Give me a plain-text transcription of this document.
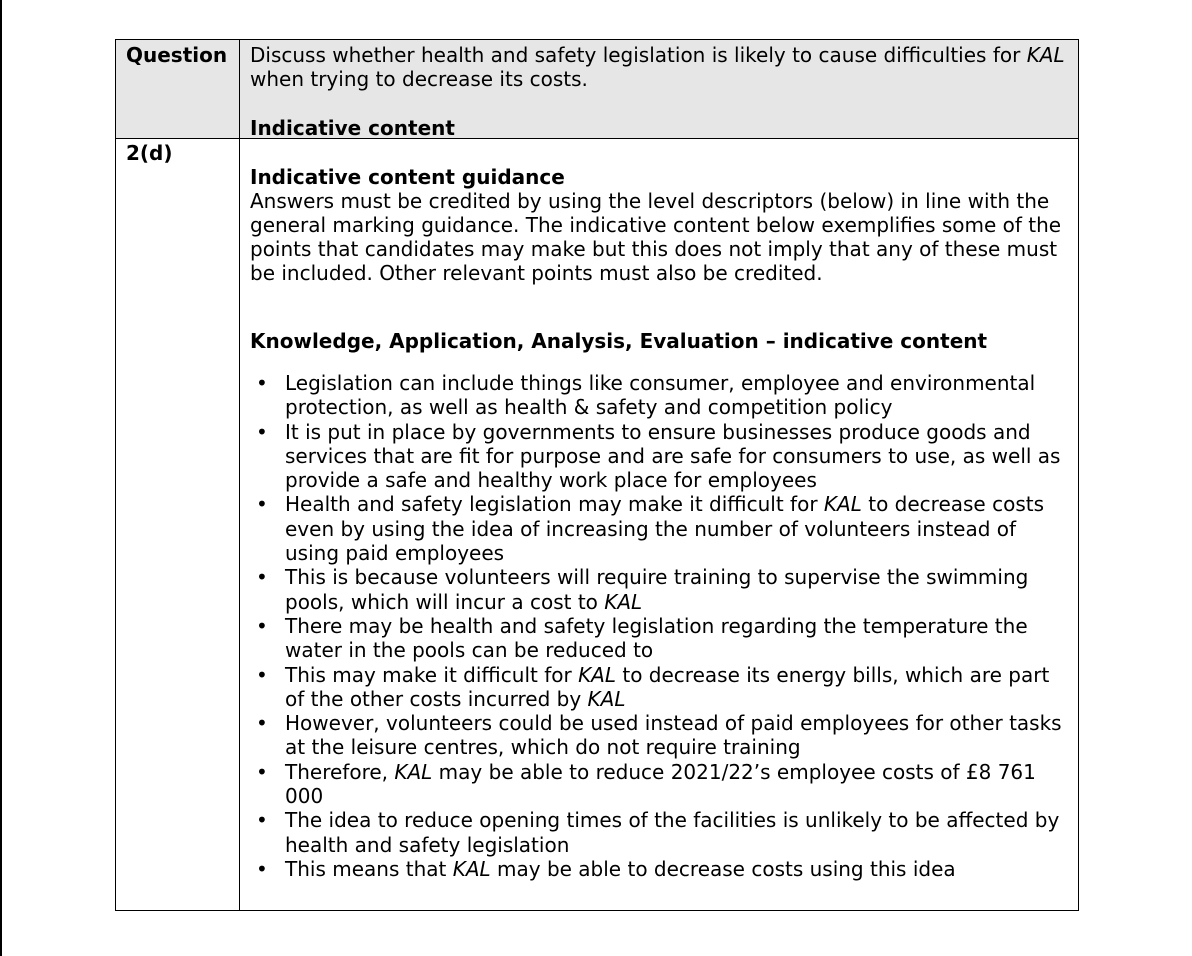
Question Discuss whether health and safety legislation is likely to cause difficulties for KAL when trying to decrease its costs.
Indicative content
2(d)
Indicative content guidance
Answers must be credited by using the level descriptors (below) in line with the general marking guidance. The indicative content below exemplifies some of the points that candidates may make but this does not imply that any of these must be included. Other relevant points must also be credited.
Knowledge, Application, Analysis, Evaluation – indicative content
• Legislation can include things like consumer, employee and environmental protection, as well as health & safety and competition policy
• It is put in place by governments to ensure businesses produce goods and services that are fit for purpose and are safe for consumers to use, as well as provide a safe and healthy work place for employees
• Health and safety legislation may make it difficult for KAL to decrease costs even by using the idea of increasing the number of volunteers instead of using paid employees
• This is because volunteers will require training to supervise the swimming pools, which will incur a cost to KAL
• There may be health and safety legislation regarding the temperature the water in the pools can be reduced to
• This may make it difficult for KAL to decrease its energy bills, which are part of the other costs incurred by KAL
• However, volunteers could be used instead of paid employees for other tasks at the leisure centres, which do not require training
• Therefore, KAL may be able to reduce 2021/22’s employee costs of £8 761 000
• The idea to reduce opening times of the facilities is unlikely to be affected by health and safety legislation
• This means that KAL may be able to decrease costs using this idea
